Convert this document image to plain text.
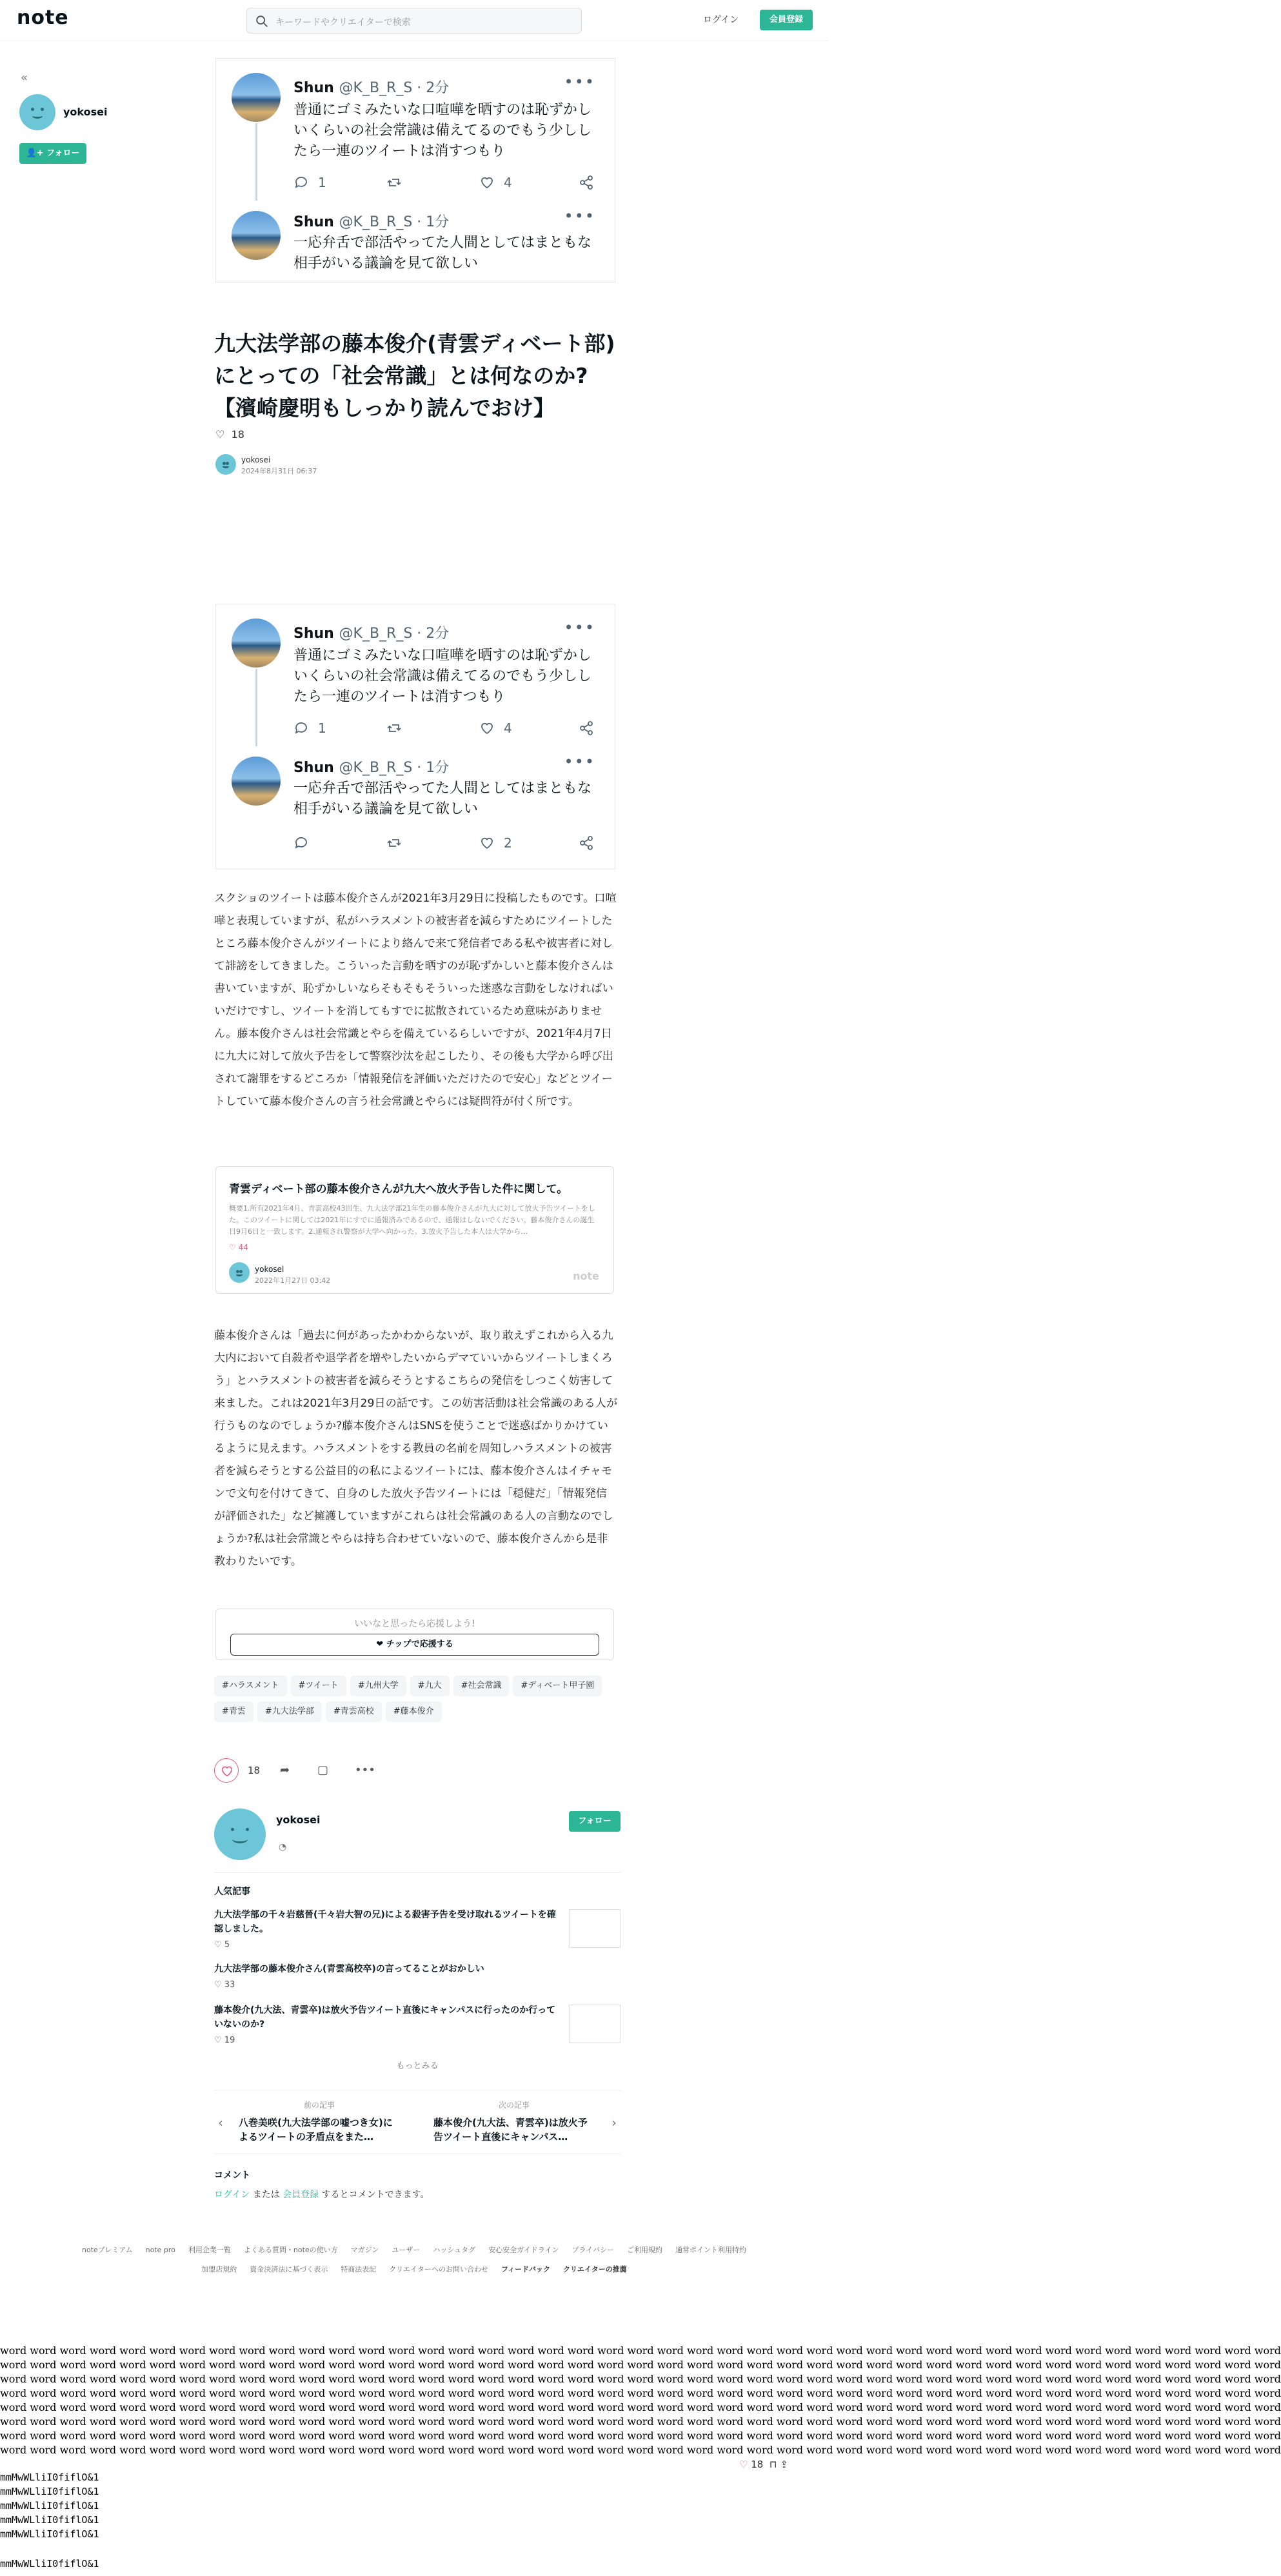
note	キーワードやクリエイターで検索	ログイン	会員登録
«
yokosei
👤+ フォロー
Shun @K_B_R_S · 2分	•••
普通にゴミみたいな口喧嘩を晒すのは恥ずかしいくらいの社会常識は備えてるのでもう少ししたら一連のツイートは消すつもり
1	4
Shun @K_B_R_S · 1分	•••
一応弁舌で部活やってた人間としてはまともな相手がいる議論を見て欲しい
九大法学部の藤本俊介(青雲ディベート部)にとっての「社会常識」とは何なのか?【濱崎慶明もしっかり読んでおけ】
♡ 18
yokosei
2024年8月31日 06:37
Shun @K_B_R_S · 2分	•••
普通にゴミみたいな口喧嘩を晒すのは恥ずかしいくらいの社会常識は備えてるのでもう少ししたら一連のツイートは消すつもり
1	4
Shun @K_B_R_S · 1分	•••
一応弁舌で部活やってた人間としてはまともな相手がいる議論を見て欲しい
2

スクショのツイートは藤本俊介さんが2021年3月29日に投稿したものです。口喧嘩と表現していますが、私がハラスメントの被害者を減らすためにツイートしたところ藤本俊介さんがツイートにより絡んで来て発信者である私や被害者に対して誹謗をしてきました。こういった言動を晒すのが恥ずかしいと藤本俊介さんは書いていますが、恥ずかしいならそもそもそういった迷惑な言動をしなければいいだけですし、ツイートを消してもすでに拡散されているため意味がありません。藤本俊介さんは社会常識とやらを備えているらしいですが、2021年4月7日に九大に対して放火予告をして警察沙汰を起こしたり、その後も大学から呼び出されて謝罪をするどころか「情報発信を評価いただけたので安心」などとツイートしていて藤本俊介さんの言う社会常識とやらには疑問符が付く所です。

青雲ディベート部の藤本俊介さんが九大へ放火予告した件に関して。
概要1.所有2021年4月、青雲高校43回生、九大法学部21年生の藤本俊介さんが九大に対して放火予告ツイートをした。このツイートに関しては2021年にすでに通報済みであるので、通報はしないでください。藤本俊介さんの誕生日9月6日と一致します。2.通報され警察が大学へ向かった。3.放火予告した本人は大学から…
♡ 44
yokosei
2022年1月27日 03:42	note

藤本俊介さんは「過去に何があったかわからないが、取り敢えずこれから入る九大内において自殺者や退学者を増やしたいからデマていいからツイートしまくろう」とハラスメントの被害者を減らそうとするこちらの発信をしつこく妨害して来ました。これは2021年3月29日の話です。この妨害活動は社会常識のある人が行うものなのでしょうか?藤本俊介さんはSNSを使うことで迷惑ばかりかけているように見えます。ハラスメントをする教員の名前を周知しハラスメントの被害者を減らそうとする公益目的の私によるツイートには、藤本俊介さんはイチャモンで文句を付けてきて、自身のした放火予告ツイートには「穏健だ」「情報発信が評価された」など擁護していますがこれらは社会常識のある人の言動なのでしょうか?私は社会常識とやらは持ち合わせていないので、藤本俊介さんから是非教わりたいです。

いいなと思ったら応援しよう!
❤ チップで応援する
#ハラスメント #ツイート #九州大学 #九大 #社会常識 #ディベート甲子園#青雲 #九大法学部 #青雲高校 #藤本俊介
18 ➦ ▢ •••
yokosei
◔
フォロー
人気記事
九大法学部の千々岩慈晉(千々岩大智の兄)による殺害予告を受け取れるツイートを確認しました。
♡ 5
九大法学部の藤本俊介さん(青雲高校卒)の言ってることがおかしい
♡ 33
藤本俊介(九大法、青雲卒)は放火予告ツイート直後にキャンパスに行ったのか行っていないのか?
♡ 19
もっとみる
‹
前の記事
八巻美咲(九大法学部の嘘つき女)によるツイートの矛盾点をまた…
次の記事
藤本俊介(九大法、青雲卒)は放火予告ツイート直後にキャンパス…
›
コメント
ログイン または 会員登録 するとコメントできます。
noteプレミアム note pro 利用企業一覧 よくある質問・noteの使い方 マガジン ユーザー ハッシュタグ 安心安全ガイドライン プライバシー ご利用規約 通常ポイント利用特約
加盟店規約 資金決済法に基づく表示 特商法表記 クリエイターへのお問い合わせ フィードバック クリエイターの推薦
word word word word word word word word word word word word word word word word word word word word word word word word word word word word word word word word word word word word word word word word word word word
word word word word word word word word word word word word word word word word word word word word word word word word word word word word word word word word word word word word word word word word word word word
word word word word word word word word word word word word word word word word word word word word word word word word word word word word word word word word word word word word word word word word word word word
word word word word word word word word word word word word word word word word word word word word word word word word word word word word word word word word word word word word word word word word word word word
word word word word word word word word word word word word word word word word word word word word word word word word word word word word word word word word word word word word word word word word word word word
word word word word word word word word word word word word word word word word word word word word word word word word word word word word word word word word word word word word word word word word word word word
word word word word word word word word word word word word word word word word word word word word word word word word word word word word word word word word word word word word word word word word word word word
word word word word word word word word word word word word word word word word word word word word word word word word word word word word word word word word word word word word word word word word word word word
♡ 18 ⊓ ⇪
mmMwWLliI0fiflO&1
mmMwWLliI0fiflO&1
mmMwWLliI0fiflO&1
mmMwWLliI0fiflO&1
mmMwWLliI0fiflO&1
mmMwWLliI0fiflO&1
